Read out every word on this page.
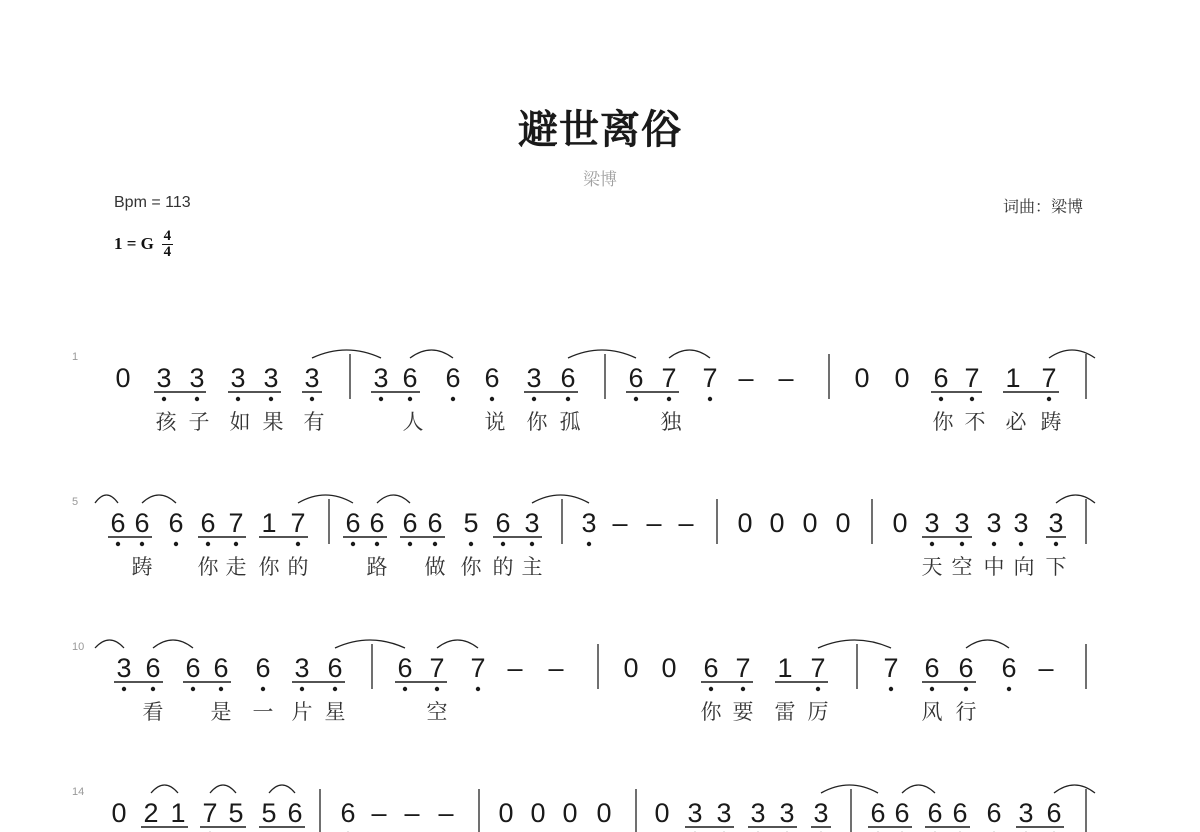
避世离俗
梁博
Bpm = 113	词曲：梁博
1 = G $\frac{4}{4}$
1
0 3 3 3 3 3 3 6 6 6 3 6 6 7 7 – – 0 0 6 7 1 7
孩 子 如 果 有	人	说 你 孤	独	你 不 必 踌
5
6 6 6 6 7 1 7 6 6 6 6 5 6 3 3 – – – 0 0 0 0 0 3 3 3 3 3
踌 你 走 你 的	路 做 你 的 主	天 空 中 向 下
10
3 6 6 6 6 3 6 6 7 7 – – 0 0 6 7 1 7 7 6 6 6 –
看 是 一 片 星	空	你 要 雷 厉	风 行
14
0 2 1 7 5 5 6 6 – – – 0 0 0 0 0 3 3 3 3 3 6 6 6 6 6 3 6
